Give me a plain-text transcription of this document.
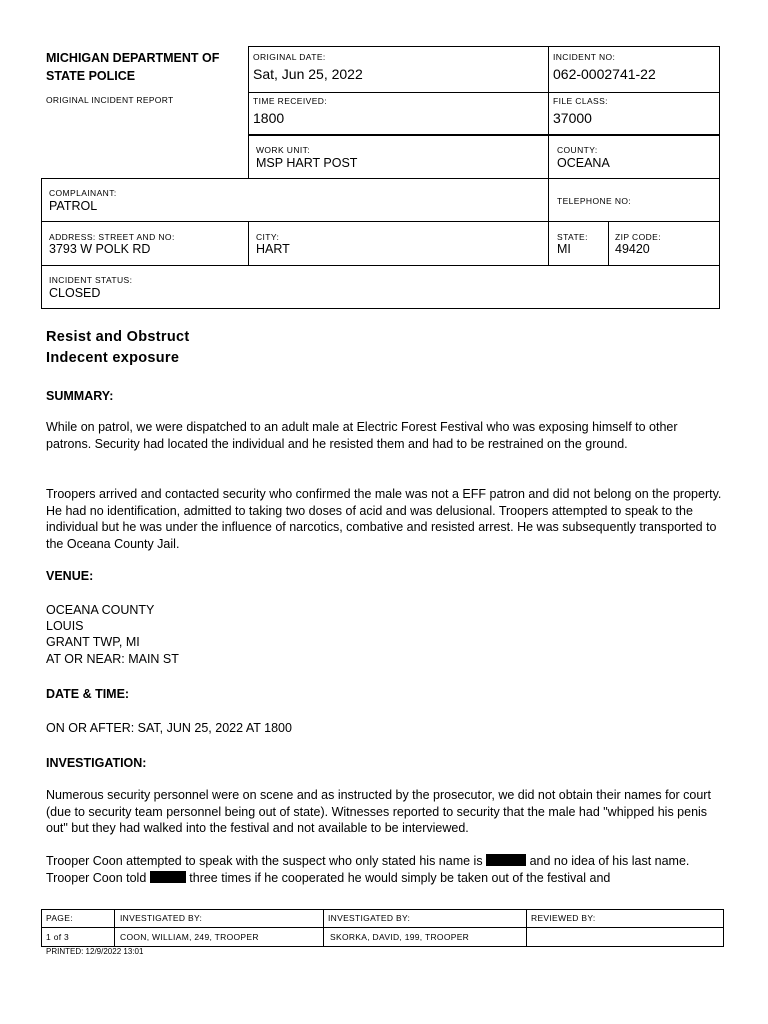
MICHIGAN DEPARTMENT OF
STATE POLICE
ORIGINAL INCIDENT REPORT
ORIGINAL DATE:
Sat, Jun 25, 2022
INCIDENT NO:
062-0002741-22
TIME RECEIVED:
1800
FILE CLASS:
37000
WORK UNIT:
MSP HART POST
COUNTY:
OCEANA
COMPLAINANT:
PATROL	TELEPHONE NO:
ADDRESS: STREET AND NO:
3793 W POLK RD
CITY:
HART
STATE:
MI
ZIP CODE:
49420
INCIDENT STATUS:
CLOSED
Resist and Obstruct
Indecent exposure
SUMMARY:
While on patrol, we were dispatched to an adult male at Electric Forest Festival who was exposing himself to other patrons. Security had located the individual and he resisted them and had to be restrained on the ground.
Troopers arrived and contacted security who confirmed the male was not a EFF patron and did not belong on the property. He had no identification, admitted to taking two doses of acid and was delusional. Troopers attempted to speak to the individual but he was under the influence of narcotics, combative and resisted arrest. He was subsequently transported to the Oceana County Jail.
VENUE:
OCEANA COUNTY
LOUIS
GRANT TWP, MI
AT OR NEAR: MAIN ST
DATE & TIME:
ON OR AFTER: SAT, JUN 25, 2022 AT 1800
INVESTIGATION:
Numerous security personnel were on scene and as instructed by the prosecutor, we did not obtain their names for court (due to security team personnel being out of state). Witnesses reported to security that the male had "whipped his penis out" but they had walked into the festival and not available to be interviewed.
Trooper Coon attempted to speak with the suspect who only stated his name is	and no idea of his last name. Trooper Coon told	three times if he cooperated he would simply be taken out of the festival and
PAGE:
1 of 3
INVESTIGATED BY:
COON, WILLIAM, 249, TROOPER
INVESTIGATED BY:
SKORKA, DAVID, 199, TROOPER
REVIEWED BY:
PRINTED: 12/9/2022 13:01
